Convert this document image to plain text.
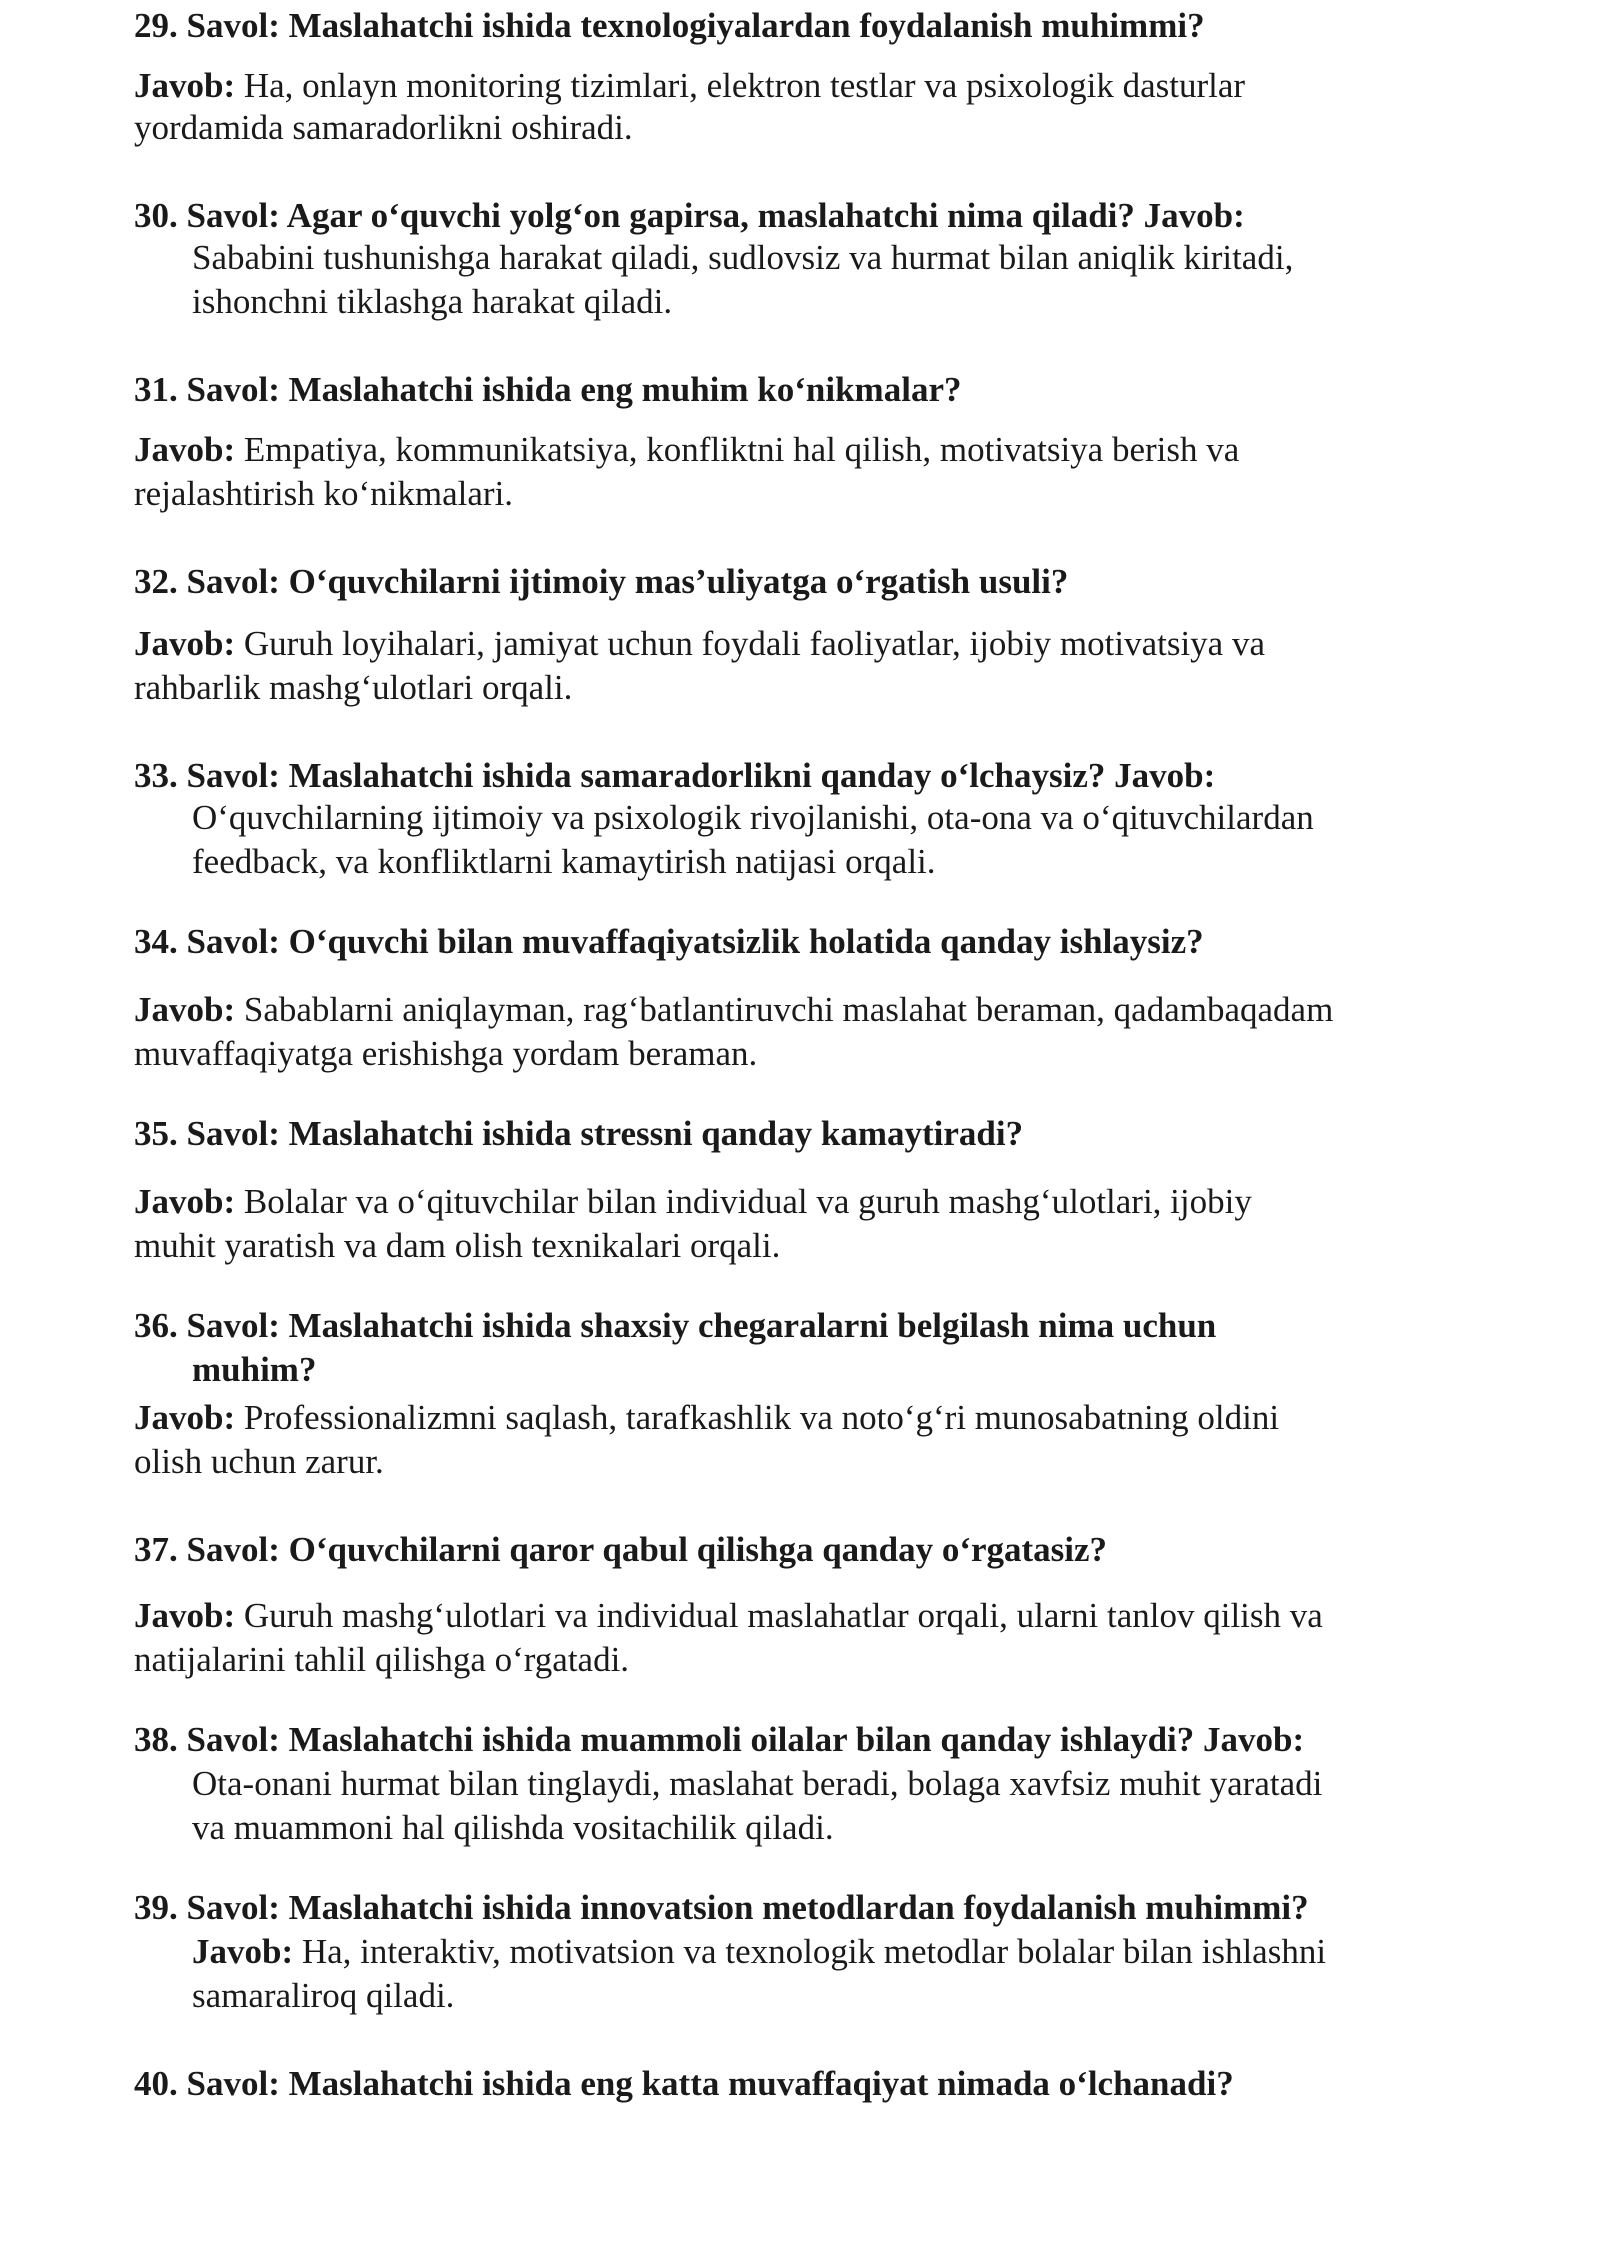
29. Savol: Maslahatchi ishida texnologiyalardan foydalanish muhimmi?
Javob: Ha, onlayn monitoring tizimlari, elektron testlar va psixologik dasturlar
yordamida samaradorlikni oshiradi.
30. Savol: Agar o‘quvchi yolg‘on gapirsa, maslahatchi nima qiladi? Javob:
Sababini tushunishga harakat qiladi, sudlovsiz va hurmat bilan aniqlik kiritadi,
ishonchni tiklashga harakat qiladi.
31. Savol: Maslahatchi ishida eng muhim ko‘nikmalar?
Javob: Empatiya, kommunikatsiya, konfliktni hal qilish, motivatsiya berish va
rejalashtirish ko‘nikmalari.
32. Savol: O‘quvchilarni ijtimoiy mas’uliyatga o‘rgatish usuli?
Javob: Guruh loyihalari, jamiyat uchun foydali faoliyatlar, ijobiy motivatsiya va
rahbarlik mashg‘ulotlari orqali.
33. Savol: Maslahatchi ishida samaradorlikni qanday o‘lchaysiz? Javob:
O‘quvchilarning ijtimoiy va psixologik rivojlanishi, ota-ona va o‘qituvchilardan
feedback, va konfliktlarni kamaytirish natijasi orqali.
34. Savol: O‘quvchi bilan muvaffaqiyatsizlik holatida qanday ishlaysiz?
Javob: Sabablarni aniqlayman, rag‘batlantiruvchi maslahat beraman, qadambaqadam
muvaffaqiyatga erishishga yordam beraman.
35. Savol: Maslahatchi ishida stressni qanday kamaytiradi?
Javob: Bolalar va o‘qituvchilar bilan individual va guruh mashg‘ulotlari, ijobiy
muhit yaratish va dam olish texnikalari orqali.
36. Savol: Maslahatchi ishida shaxsiy chegaralarni belgilash nima uchun
muhim?
Javob: Professionalizmni saqlash, tarafkashlik va noto‘g‘ri munosabatning oldini
olish uchun zarur.
37. Savol: O‘quvchilarni qaror qabul qilishga qanday o‘rgatasiz?
Javob: Guruh mashg‘ulotlari va individual maslahatlar orqali, ularni tanlov qilish va
natijalarini tahlil qilishga o‘rgatadi.
38. Savol: Maslahatchi ishida muammoli oilalar bilan qanday ishlaydi? Javob:
Ota-onani hurmat bilan tinglaydi, maslahat beradi, bolaga xavfsiz muhit yaratadi
va muammoni hal qilishda vositachilik qiladi.
39. Savol: Maslahatchi ishida innovatsion metodlardan foydalanish muhimmi?
Javob: Ha, interaktiv, motivatsion va texnologik metodlar bolalar bilan ishlashni
samaraliroq qiladi.
40. Savol: Maslahatchi ishida eng katta muvaffaqiyat nimada o‘lchanadi?
